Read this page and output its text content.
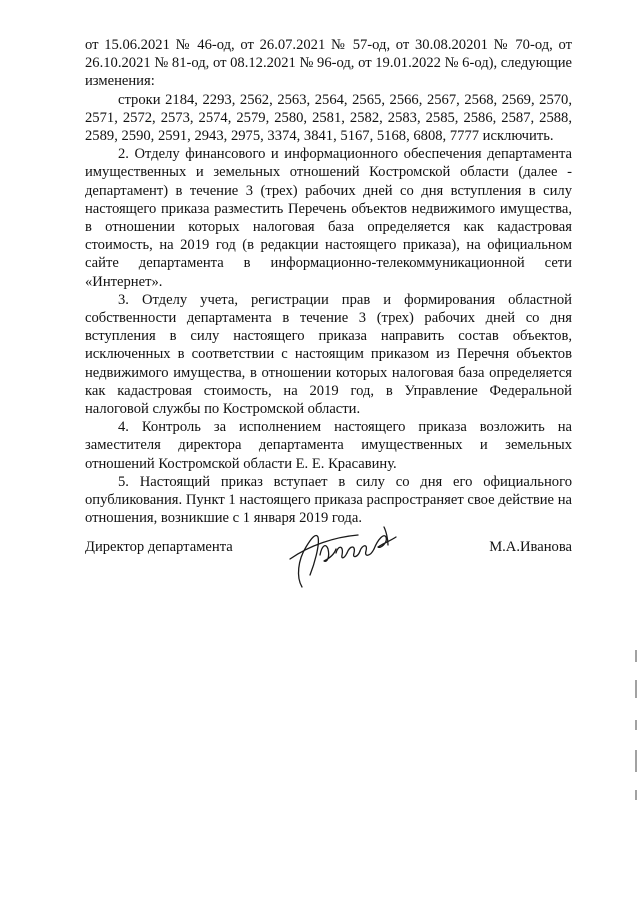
от 15.06.2021 № 46-од, от 26.07.2021 № 57-од, от 30.08.20201 № 70-од, от 26.10.2021 № 81-од, от 08.12.2021 № 96-од, от 19.01.2022 № 6-од), следующие изменения:

строки 2184, 2293, 2562, 2563, 2564, 2565, 2566, 2567, 2568, 2569, 2570, 2571, 2572, 2573, 2574, 2579, 2580, 2581, 2582, 2583, 2585, 2586, 2587, 2588, 2589, 2590, 2591, 2943, 2975, 3374, 3841, 5167, 5168, 6808, 7777 исключить.

2. Отделу финансового и информационного обеспечения департамента имущественных и земельных отношений Костромской области (далее - департамент) в течение 3 (трех) рабочих дней со дня вступления в силу настоящего приказа разместить Перечень объектов недвижимого имущества, в отношении которых налоговая база определяется как кадастровая стоимость, на 2019 год (в редакции настоящего приказа), на официальном сайте департамента в информационно-телекоммуникационной сети «Интернет».

3. Отделу учета, регистрации прав и формирования областной собственности департамента в течение 3 (трех) рабочих дней со дня вступления в силу настоящего приказа направить состав объектов, исключенных в соответствии с настоящим приказом из Перечня объектов недвижимого имущества, в отношении которых налоговая база определяется как кадастровая стоимость, на 2019 год, в Управление Федеральной налоговой службы по Костромской области.

4. Контроль за исполнением настоящего приказа возложить на заместителя директора департамента имущественных и земельных отношений Костромской области Е. Е. Красавину.

5. Настоящий приказ вступает в силу со дня его официального опубликования. Пункт 1 настоящего приказа распространяет свое действие на отношения, возникшие с 1 января 2019 года.

Директор департамента	М.А.Иванова
